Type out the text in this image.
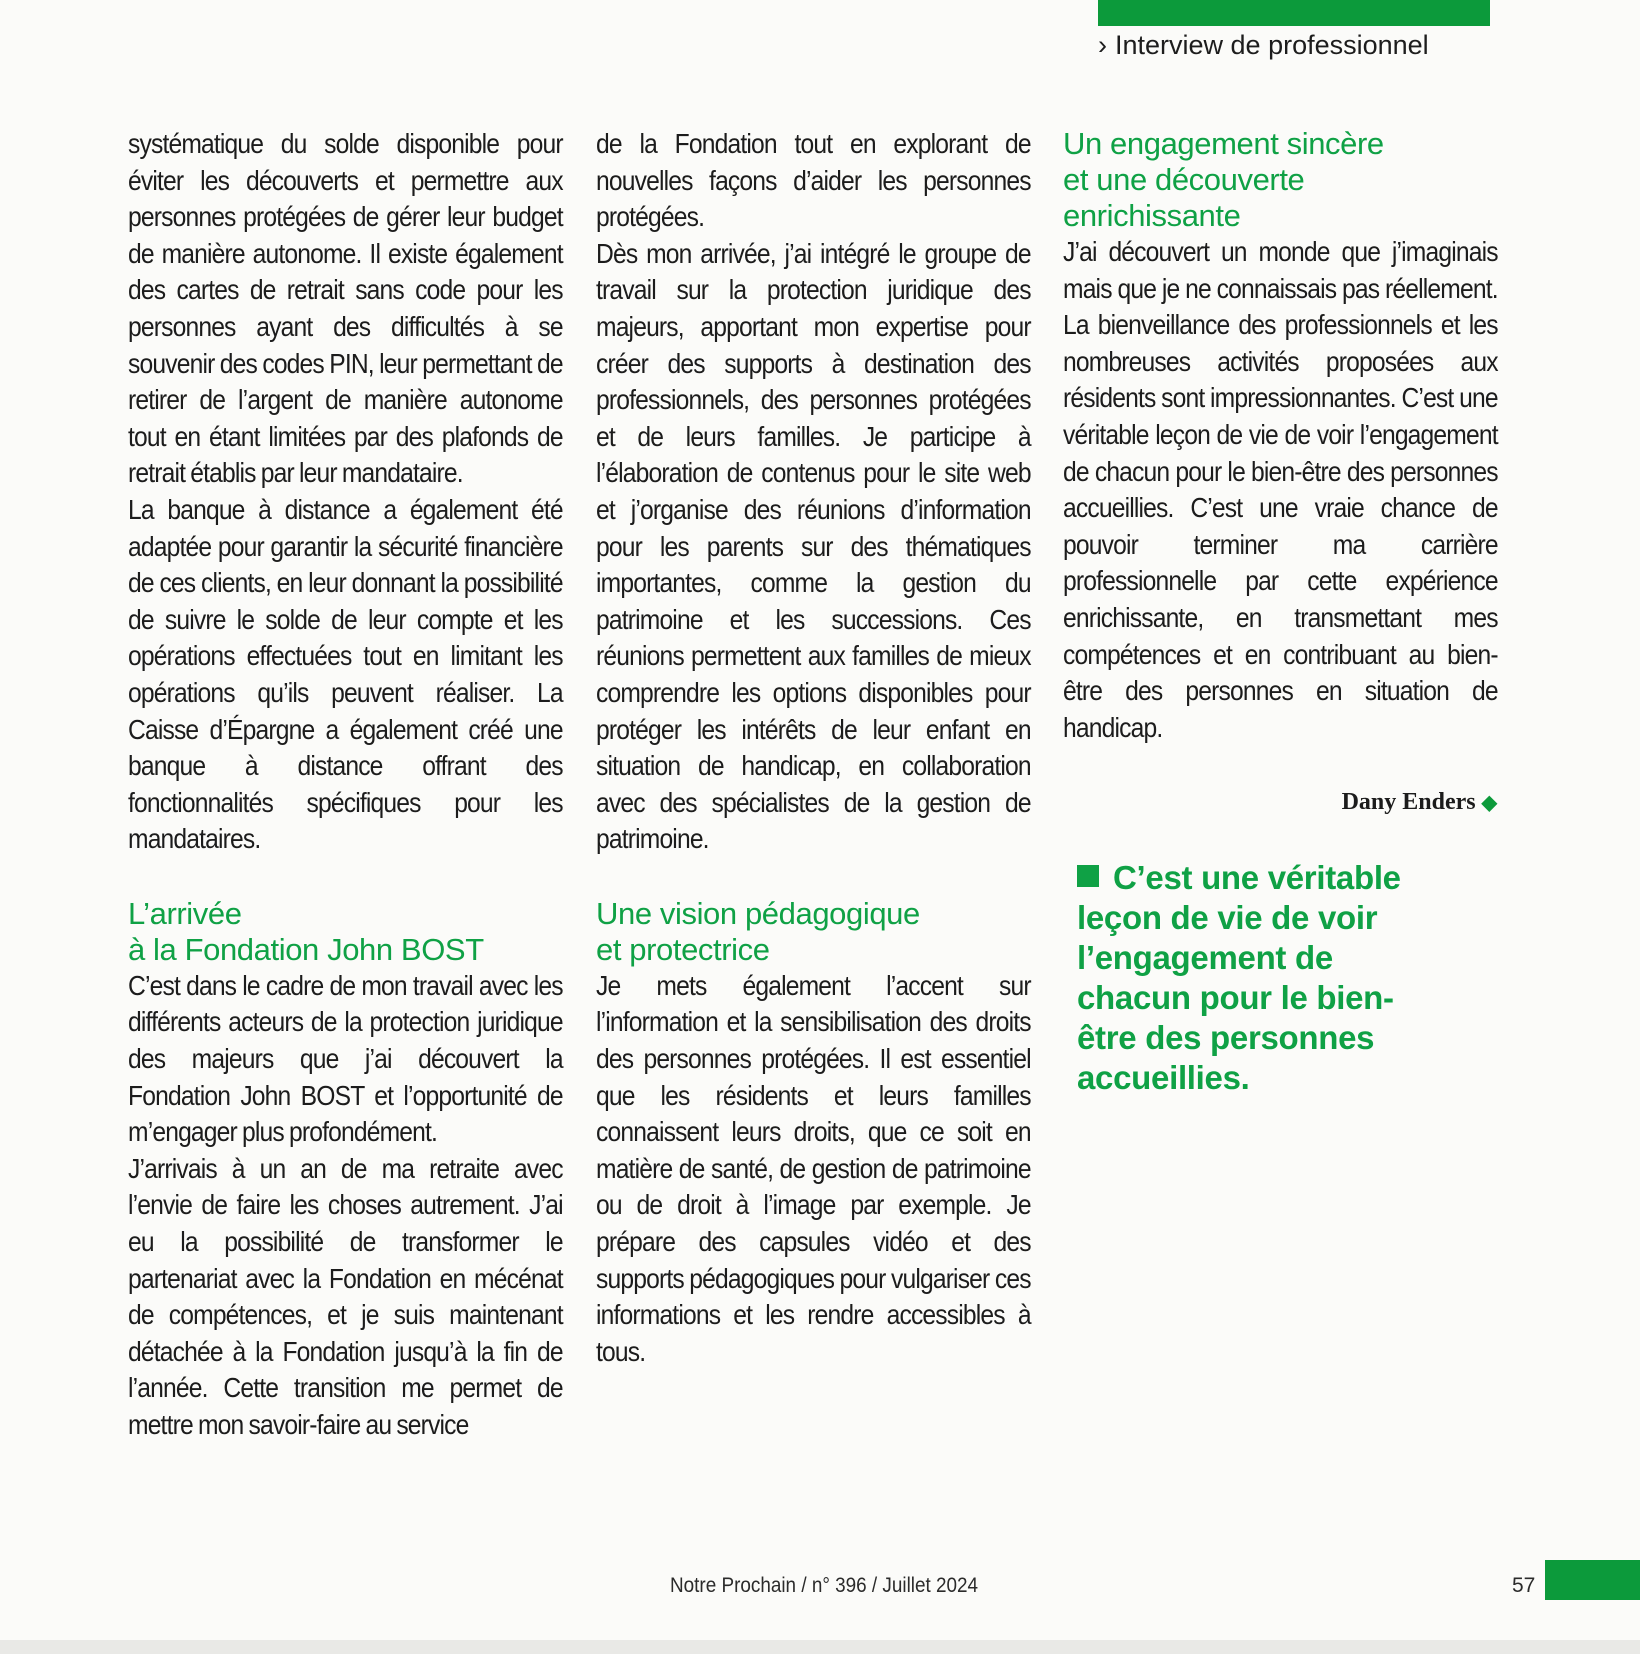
› Interview de professionnel

systématique du solde disponible pour éviter les découverts et permettre aux personnes protégées de gérer leur budget de manière autonome. Il existe également des cartes de retrait sans code pour les personnes ayant des difficultés à se souvenir des codes PIN, leur permettant de retirer de l’argent de manière autonome tout en étant limitées par des plafonds de retrait établis par leur mandataire.

La banque à distance a également été adaptée pour garantir la sécurité financière de ces clients, en leur donnant la possibilité de suivre le solde de leur compte et les opérations effectuées tout en limitant les opérations qu’ils peuvent réaliser. La Caisse d’Épargne a également créé une banque à distance offrant des fonctionnalités spécifiques pour les mandataires.

L’arrivée
à la Fondation John BOST

C’est dans le cadre de mon travail avec les différents acteurs de la protection juridique des majeurs que j’ai découvert la Fondation John BOST et l’opportunité de m’engager plus profondément.

J’arrivais à un an de ma retraite avec l’envie de faire les choses autrement. J’ai eu la possibilité de transformer le partenariat avec la Fondation en mécénat de compétences, et je suis maintenant détachée à la Fondation jusqu’à la fin de l’année. Cette transition me permet de mettre mon savoir-faire au service

de la Fondation tout en explorant de nouvelles façons d’aider les personnes protégées.

Dès mon arrivée, j’ai intégré le groupe de travail sur la protection juridique des majeurs, apportant mon expertise pour créer des supports à destination des professionnels, des personnes protégées et de leurs familles. Je participe à l’élaboration de contenus pour le site web et j’organise des réunions d’information pour les parents sur des thématiques importantes, comme la gestion du patrimoine et les successions. Ces réunions permettent aux familles de mieux comprendre les options disponibles pour protéger les intérêts de leur enfant en situation de handicap, en collaboration avec des spécialistes de la gestion de patrimoine.

Une vision pédagogique
et protectrice

Je mets également l’accent sur l’information et la sensibilisation des droits des personnes protégées. Il est essentiel que les résidents et leurs familles connaissent leurs droits, que ce soit en matière de santé, de gestion de patrimoine ou de droit à l’image par exemple. Je prépare des capsules vidéo et des supports pédagogiques pour vulgariser ces informations et les rendre accessibles à tous.

Un engagement sincère
et une découverte
enrichissante

J’ai découvert un monde que j’imaginais mais que je ne connaissais pas réellement. La bienveillance des professionnels et les nombreuses activités proposées aux résidents sont impressionnantes. C’est une véritable leçon de vie de voir l’engagement de chacun pour le bien-être des personnes accueillies. C’est une vraie chance de pouvoir terminer ma carrière professionnelle par cette expérience enrichissante, en transmettant mes compétences et en contribuant au bien-être des personnes en situation de handicap.

Dany Enders ◆
C’est une véritable leçon de vie de voir l’engagement de chacun pour le bien-être des personnes accueillies.
Notre Prochain / n° 396 / Juillet 2024	57
